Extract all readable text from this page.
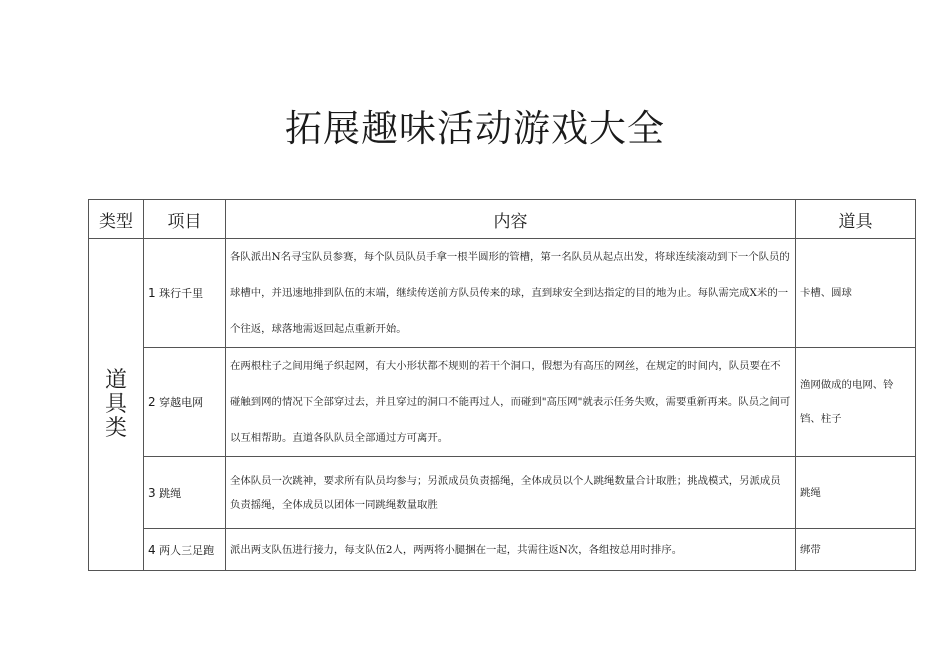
拓展趣味活动游戏大全
类型	项目	内容	道具
道具类	1 珠行千里	各队派出N名寻宝队员参赛，每个队员队员手拿一根半圆形的管槽，第一名队员从起点出发，将球连续滚动到下一个队员的球槽中，并迅速地排到队伍的末端，继续传送前方队员传来的球，直到球安全到达指定的目的地为止。每队需完成X米的一个往返，球落地需返回起点重新开始。	卡槽、圆球
	2 穿越电网	在两根柱子之间用绳子织起网，有大小形状都不规则的若干个洞口，假想为有高压的网丝，在规定的时间内，队员要在不碰触到网的情况下全部穿过去，并且穿过的洞口不能再过人，而碰到"高压网"就表示任务失败，需要重新再来。队员之间可以互相帮助。直道各队队员全部通过方可离开。	渔网做成的电网、铃铛、柱子
	3 跳绳	全体队员一次跳神，要求所有队员均参与；另派成员负责摇绳，全体成员以个人跳绳数量合计取胜；挑战模式，另派成员负责摇绳，全体成员以团体一同跳绳数量取胜	跳绳
	4 两人三足跑	派出两支队伍进行接力，每支队伍2人，两两将小腿捆在一起，共需往返N次，各组按总用时排序。	绑带
